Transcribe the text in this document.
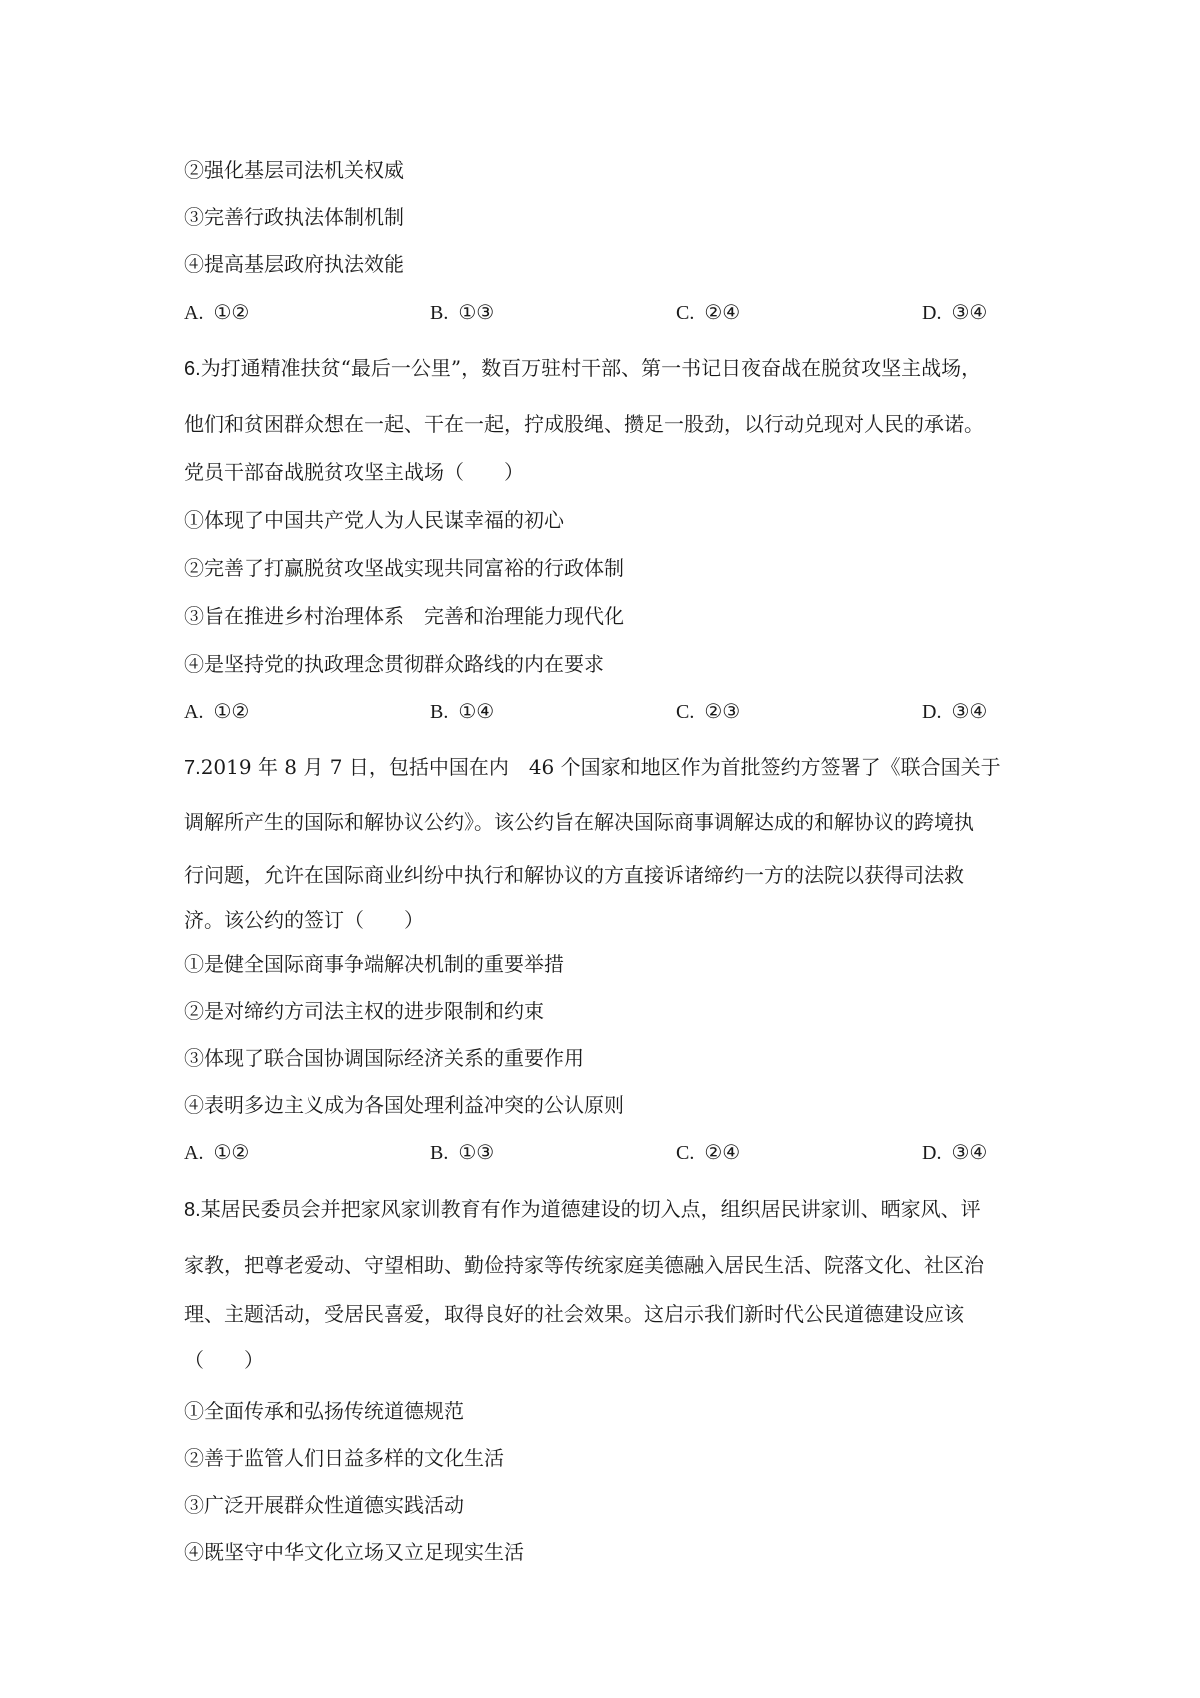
②强化基层司法机关权威
③完善行政执法体制机制
④提高基层政府执法效能
A. ①②	B. ①③	C. ②④	D. ③④
6.为打通精准扶贫“最后一公里”，数百万驻村干部、第一书记日夜奋战在脱贫攻坚主战场，
他们和贫困群众想在一起、干在一起，拧成股绳、攒足一股劲，以行动兑现对人民的承诺。
党员干部奋战脱贫攻坚主战场（　　）
①体现了中国共产党人为人民谋幸福的初心
②完善了打赢脱贫攻坚战实现共同富裕的行政体制
③旨在推进乡村治理体系　完善和治理能力现代化
④是坚持党的执政理念贯彻群众路线的内在要求
A. ①②	B. ①④	C. ②③	D. ③④
7.2019 年 8 月 7 日，包括中国在内　46 个国家和地区作为首批签约方签署了《联合国关于
调解所产生的国际和解协议公约》。该公约旨在解决国际商事调解达成的和解协议的跨境执
行问题，允许在国际商业纠纷中执行和解协议的方直接诉诸缔约一方的法院以获得司法救
济。该公约的签订（　　）
①是健全国际商事争端解决机制的重要举措
②是对缔约方司法主权的进步限制和约束
③体现了联合国协调国际经济关系的重要作用
④表明多边主义成为各国处理利益冲突的公认原则
A. ①②	B. ①③	C. ②④	D. ③④
8.某居民委员会并把家风家训教育有作为道德建设的切入点，组织居民讲家训、晒家风、评
家教，把尊老爱动、守望相助、勤俭持家等传统家庭美德融入居民生活、院落文化、社区治
理、主题活动，受居民喜爱，取得良好的社会效果。这启示我们新时代公民道德建设应该
（　　）
①全面传承和弘扬传统道德规范
②善于监管人们日益多样的文化生活
③广泛开展群众性道德实践活动
④既坚守中华文化立场又立足现实生活
